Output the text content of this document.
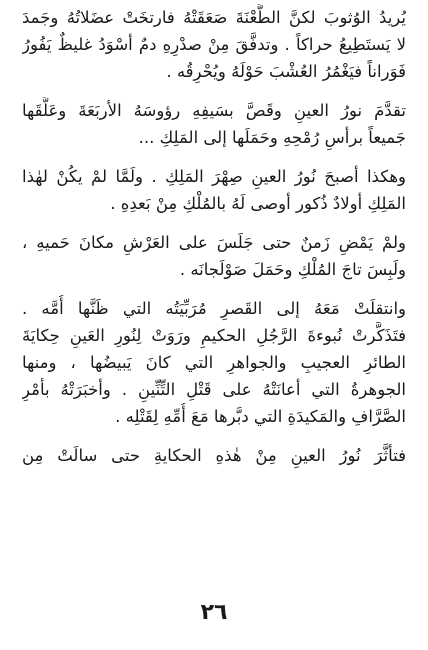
يُريدُ الوُثوبَ لكنَّ الطَّعْنَةَ صَعَقَتْهُ فارتخَتْ عضَلاتُهُ وجَمدَ
لا يَستَطِيعُ حراكاً . وتدفَّقَ مِنْ صدْرِهِ دمٌ أسْوَدُ غليظٌ يَفُورُ
فَوَراناً فيَغْمُرُ العُشْبَ حَوْلَهُ ويُحْرِقُه .
تقدَّمَ نورُ العينِ وقَصَّ بسَيفِهِ رؤوسَهُ الأربَعَةَ وعَلَّقَها
جَميعاً برأسِ رُمْحِهِ وحَمَلَها إلى المَلِكِ ...
وهكذا أصبحَ نُورُ العينِ صِهْرَ المَلِكِ . ولَمَّا لمْ يكُنْ لهٰذا
المَلِكِ أولادٌ ذُكور أوصى لَهُ بالمُلْكِ مِنْ بَعدِهِ .
ولمْ يَمْضِ زَمنٌ حتى جَلَسَ على العَرْشِ مكانَ حَميهِ ،
ولَبِسَ تاجَ المُلْكِ وحَمَلَ صَوْلَجانَه .
وانتقلَتْ مَعَهُ إلى القَصرِ مُرَبِّيَتُه التي ظَنَّها أُمَّه .
فتَذَكَّرتْ نُبوءةَ الرَّجُلِ الحكيمِ ورَوَتْ لِنُورِ العَينِ حِكايَةَ
الطائرِ العجيبِ والجواهرِ التي كانَ يَبيضُها ، ومنها
الجوهرةُ التي أعانَتْهُ على قَتْلِ التِّنِّينِ . وأخبَرَتْهُ بأمْرِ
الصَّرَّافِ والمَكيدَةِ التي دبَّرها مَعَ أُمِّهِ لِقَتْلِه .
فتأثَّرَ نُورُ العينِ مِنْ هٰذهِ الحكايةِ حتى سالَتْ مِن
٢٦
